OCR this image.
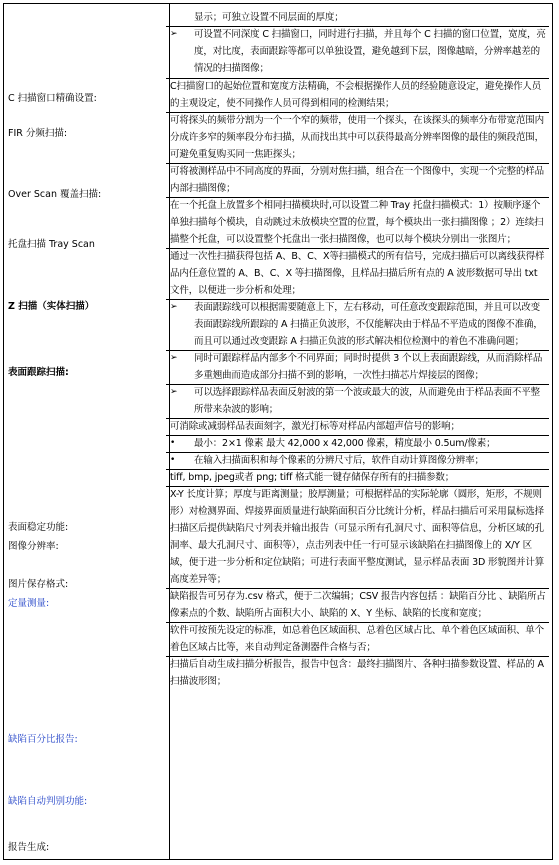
C 扫描窗口精确设置:
FIR 分频扫描:
Over Scan 覆盖扫描:
托盘扫描 Tray Scan
Z 扫描（实体扫描）
表面跟踪扫描:
表面稳定功能:
图像分辨率:
图片保存格式:
定量测量:
缺陷百分比报告:
缺陷自动判别功能:
报告生成:
显示；可独立设置不同层面的厚度；
➢ 可设置不同深度 C 扫描窗口，同时进行扫描，并且每个 C 扫描的窗口位置，宽度，亮度，对比度，表面跟踪等都可以单独设置，避免越到下层，图像越暗，分辨率越差的情况的扫描图像；
C扫描窗口的起始位置和宽度方法精确，不会根据操作人员的经验随意设定，避免操作人员的主观设定，使不同操作人员可得到相同的检测结果；
可将探头的频带分割为一个一个窄的频带，使用一个探头，在该探头的频率分布带宽范围内分成许多窄的频率段分布扫描，从而找出其中可以获得最高分辨率图像的最佳的频段范围，可避免重复购买同一焦距探头；
可将被测样品中不同高度的界面，分别对焦扫描，组合在一个图像中，实现一个完整的样品内部扫描图像；
在一个托盘上放置多个相同扫描模块时,可以设置二种 Tray 托盘扫描模式：1）按顺序逐个单独扫描每个模块，自动跳过未放模块空置的位置，每个模块出一张扫描图像 ；2）连续扫描整个托盘，可以设置整个托盘出一张扫描图像，也可以每个模块分别出一张图片；
通过一次性扫描获得包括 A、B、C、X等扫描模式的所有信号，完成扫描后可以离线获得样品内任意位置的 A、B、C、X 等扫描图像，且样品扫描后所有点的 A 波形数据可导出 txt 文件，以便进一步分析和处理；
➢ 表面跟踪线可以根据需要随意上下，左右移动，可任意改变跟踪范围，并且可以改变表面跟踪线所跟踪的 A 扫描正负波形，不仅能解决由于样品不平造成的图像不准确，而且可以通过改变跟踪 A 扫描正负波的形式解决相位检测中的着色不准确问题；
➢ 同时可跟踪样品内部多个不同界面；同时时提供 3 个以上表面跟踪线，从而消除样品多重翘曲而造成部分扫描不到的影响，一次性扫描芯片焊接层的图像；
➢ 可以选择跟踪样品表面反射波的第一个波或最大的波，从而避免由于样品表面不平整所带来杂波的影响；
可消除或减弱样品表面刻字，激光打标等对样品内部超声信号的影响；
• 最小：2×1 像素 最大 42,000 x 42,000 像素，精度最小 0.5um/像素；
• 在输入扫描面积和每个像素的分辨尺寸后，软件自动计算图像分辨率；
tiff, bmp, jpeg或者 png; tiff 格式能一键存储保存所有的扫描参数；
X-Y 长度计算；厚度与距离测量；胶厚测量；可根据样品的实际轮廓（圆形，矩形，不规则形）对检测界面、焊接界面质量进行缺陷面积百分比统计分析，样品扫描后可采用鼠标选择扫描区后提供缺陷尺寸列表并输出报告（可显示所有孔洞尺寸、面积等信息，分析区域的孔洞率、最大孔洞尺寸、面积等），点击列表中任一行可显示该缺陷在扫描图像上的 X/Y 区域，便于进一步分析和定位缺陷；可进行表面平整度测试，显示样品表面 3D 形貌图并计算高度差异等；
缺陷报告可另存为.csv 格式，便于二次编辑；CSV 报告内容包括 ：缺陷百分比 、缺陷所占像素点的个数、缺陷所占面积大小、缺陷的 X、Y 坐标、缺陷的长度和宽度；
软件可按预先设定的标准，如总着色区域面积、总着色区域占比、单个着色区域面积、单个着色区域占比等，来自动判定备测器件合格与否；
扫描后自动生成扫描分析报告，报告中包含：最终扫描图片、各种扫描参数设置、样品的 A 扫描波形图；
